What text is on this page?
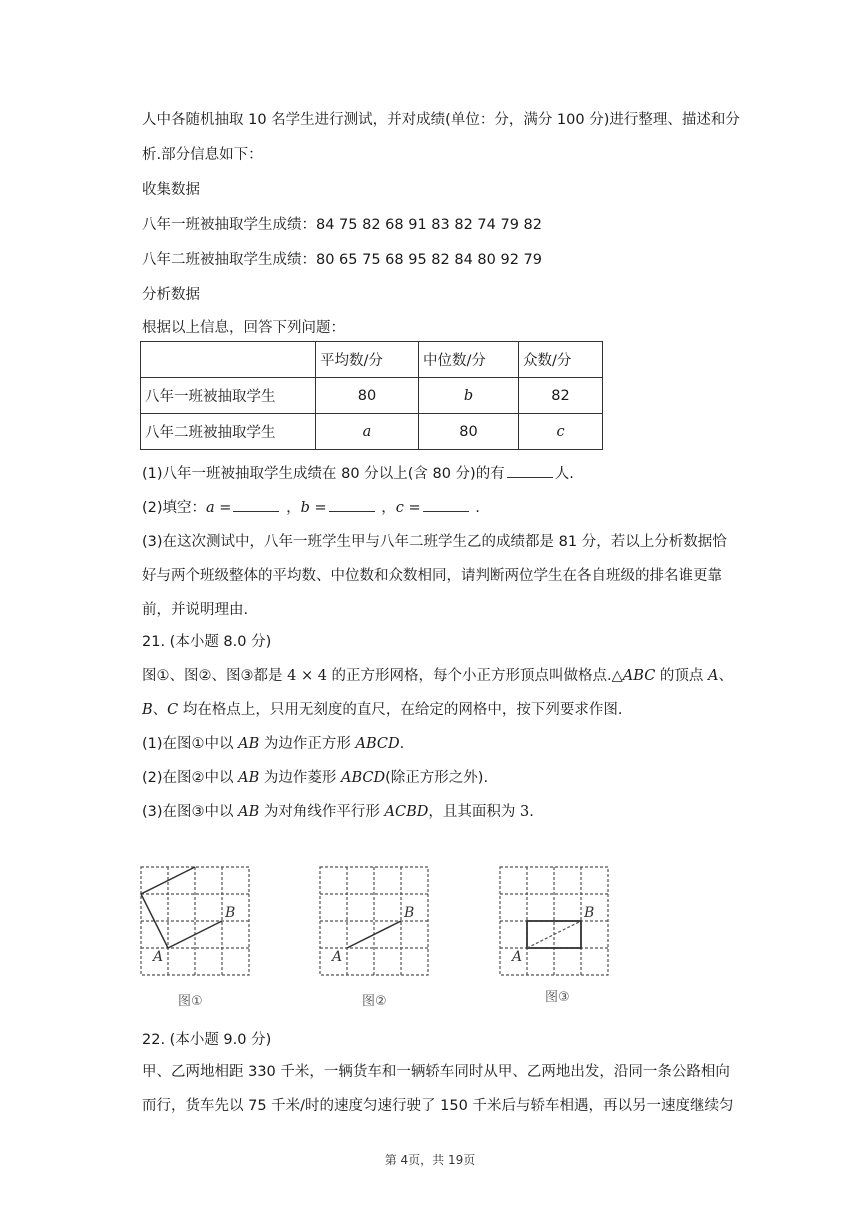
人中各随机抽取 10 名学生进行测试，并对成绩(单位：分，满分 100 分)进行整理、描述和分
析.部分信息如下：
收集数据
八年一班被抽取学生成绩：84 75 82 68 91 83 82 74 79 82
八年二班被抽取学生成绩：80 65 75 68 95 82 84 80 92 79
分析数据
根据以上信息，回答下列问题：
	平均数/分	中位数/分	众数/分
八年一班被抽取学生	80	b	82
八年二班被抽取学生	a	80	c
(1)八年一班被抽取学生成绩在 80 分以上(含 80 分)的有	人.
(2)填空：a =	，b =	，c =	.
(3)在这次测试中，八年一班学生甲与八年二班学生乙的成绩都是 81 分，若以上分析数据恰
好与两个班级整体的平均数、中位数和众数相同，请判断两位学生在各自班级的排名谁更靠
前，并说明理由.
21. (本小题 8.0 分)
图①、图②、图③都是 4 × 4 的正方形网格，每个小正方形顶点叫做格点.△ABC 的顶点 A、
B、C 均在格点上，只用无刻度的直尺，在给定的网格中，按下列要求作图.
(1)在图①中以 AB 为边作正方形 ABCD.
(2)在图②中以 AB 为边作菱形 ABCD(除正方形之外).
(3)在图③中以 AB 为对角线作平行形 ACBD，且其面积为 3.
B
A
图①
B
A
图②
B
A
图③
22. (本小题 9.0 分)
甲、乙两地相距 330 千米，一辆货车和一辆轿车同时从甲、乙两地出发，沿同一条公路相向
而行，货车先以 75 千米/时的速度匀速行驶了 150 千米后与轿车相遇，再以另一速度继续匀
第 4页，共 19页
